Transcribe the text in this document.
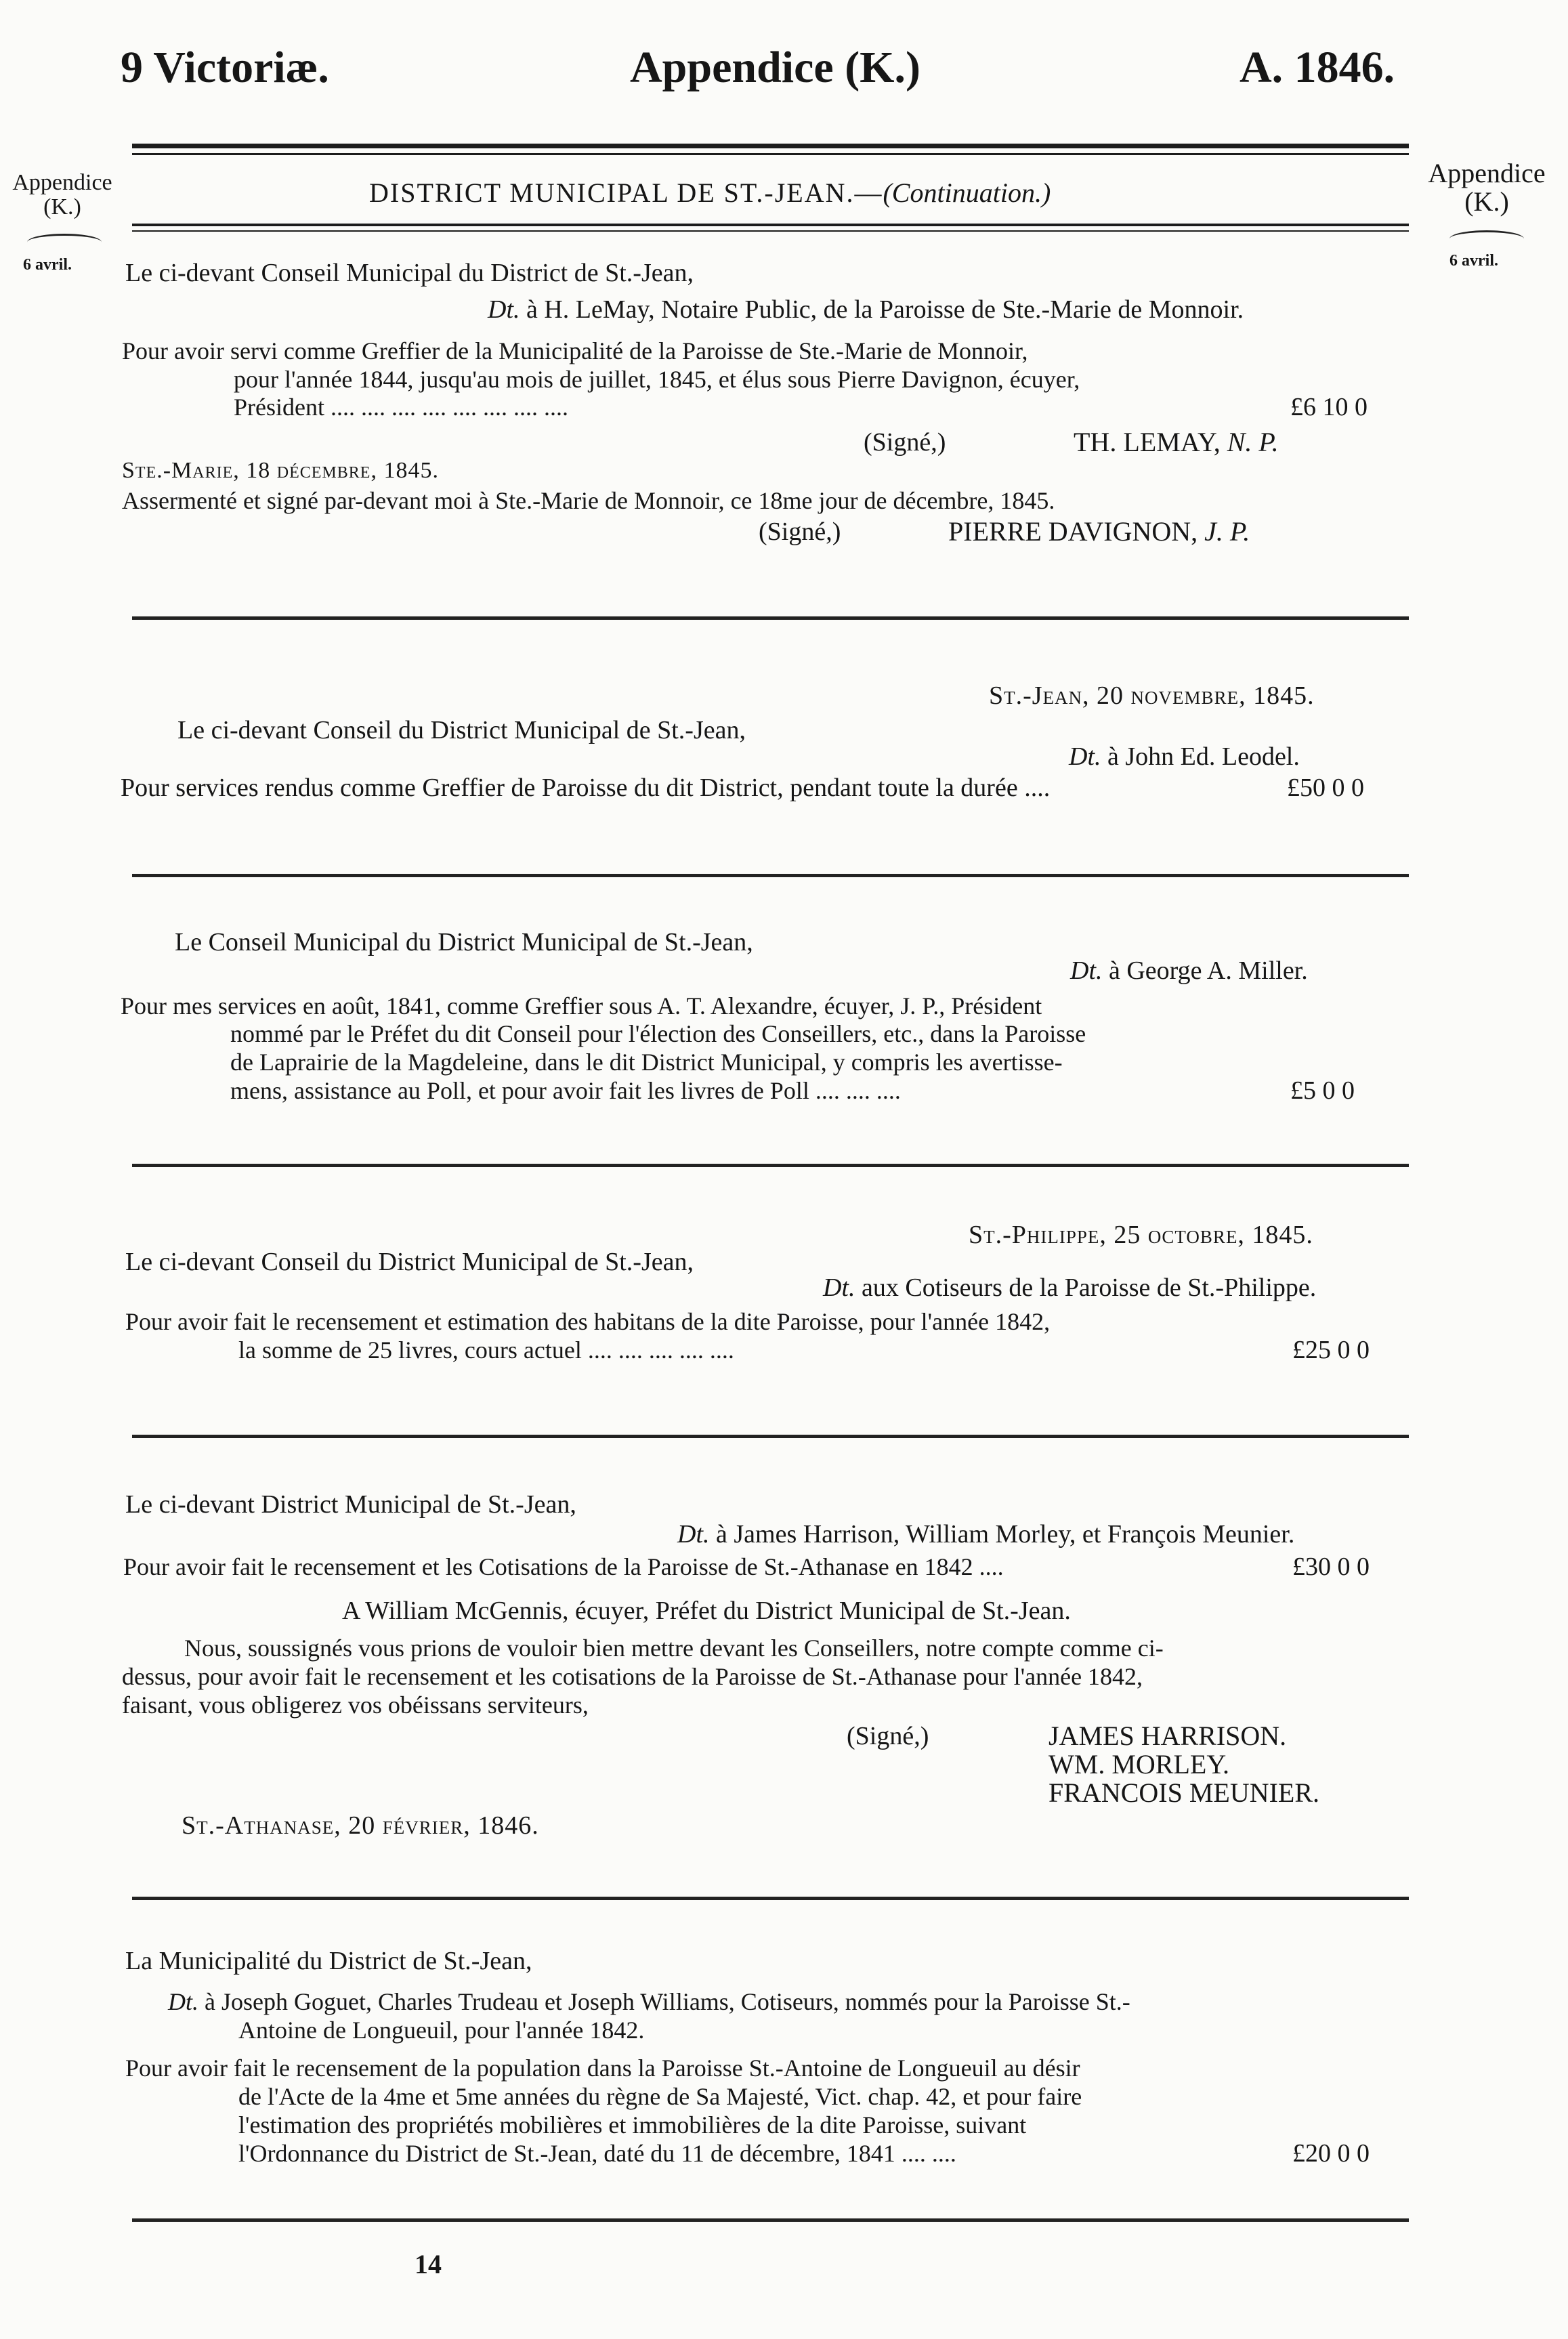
9 Victoriæ.	Appendice (K.)	A. 1846.
Appendice
(K.)
6 avril.
Appendice
(K.)
6 avril.
DISTRICT MUNICIPAL DE ST.-JEAN.—(Continuation.)
Le ci-devant Conseil Municipal du District de St.-Jean,
Dt. à H. LeMay, Notaire Public, de la Paroisse de Ste.-Marie de Monnoir.
Pour avoir servi comme Greffier de la Municipalité de la Paroisse de Ste.-Marie de Monnoir,
pour l'année 1844, jusqu'au mois de juillet, 1845, et élus sous Pierre Davignon, écuyer,
Président .... .... .... .... .... .... .... ....	£6 10 0
(Signé,)	TH. LEMAY, N. P.
Ste.-Marie, 18 décembre, 1845.
Assermenté et signé par-devant moi à Ste.-Marie de Monnoir, ce 18me jour de décembre, 1845.
(Signé,)	PIERRE DAVIGNON, J. P.
St.-Jean, 20 novembre, 1845.
Le ci-devant Conseil du District Municipal de St.-Jean,
Dt. à John Ed. Leodel.
Pour services rendus comme Greffier de Paroisse du dit District, pendant toute la durée ....	£50 0 0
Le Conseil Municipal du District Municipal de St.-Jean,
Dt. à George A. Miller.
Pour mes services en août, 1841, comme Greffier sous A. T. Alexandre, écuyer, J. P., Président
nommé par le Préfet du dit Conseil pour l'élection des Conseillers, etc., dans la Paroisse
de Laprairie de la Magdeleine, dans le dit District Municipal, y compris les avertisse-
mens, assistance au Poll, et pour avoir fait les livres de Poll .... .... ....	£5 0 0
St.-Philippe, 25 octobre, 1845.
Le ci-devant Conseil du District Municipal de St.-Jean,
Dt. aux Cotiseurs de la Paroisse de St.-Philippe.
Pour avoir fait le recensement et estimation des habitans de la dite Paroisse, pour l'année 1842,
la somme de 25 livres, cours actuel .... .... .... .... ....	£25 0 0
Le ci-devant District Municipal de St.-Jean,
Dt. à James Harrison, William Morley, et François Meunier.
Pour avoir fait le recensement et les Cotisations de la Paroisse de St.-Athanase en 1842 ....	£30 0 0
A William McGennis, écuyer, Préfet du District Municipal de St.-Jean.
Nous, soussignés vous prions de vouloir bien mettre devant les Conseillers, notre compte comme ci-
dessus, pour avoir fait le recensement et les cotisations de la Paroisse de St.-Athanase pour l'année 1842,
faisant, vous obligerez vos obéissans serviteurs,
(Signé,)	JAMES HARRISON.
WM. MORLEY.
FRANCOIS MEUNIER.
St.-Athanase, 20 février, 1846.
La Municipalité du District de St.-Jean,
Dt. à Joseph Goguet, Charles Trudeau et Joseph Williams, Cotiseurs, nommés pour la Paroisse St.-
Antoine de Longueuil, pour l'année 1842.
Pour avoir fait le recensement de la population dans la Paroisse St.-Antoine de Longueuil au désir
de l'Acte de la 4me et 5me années du règne de Sa Majesté, Vict. chap. 42, et pour faire
l'estimation des propriétés mobilières et immobilières de la dite Paroisse, suivant
l'Ordonnance du District de St.-Jean, daté du 11 de décembre, 1841 .... ....	£20 0 0
14
